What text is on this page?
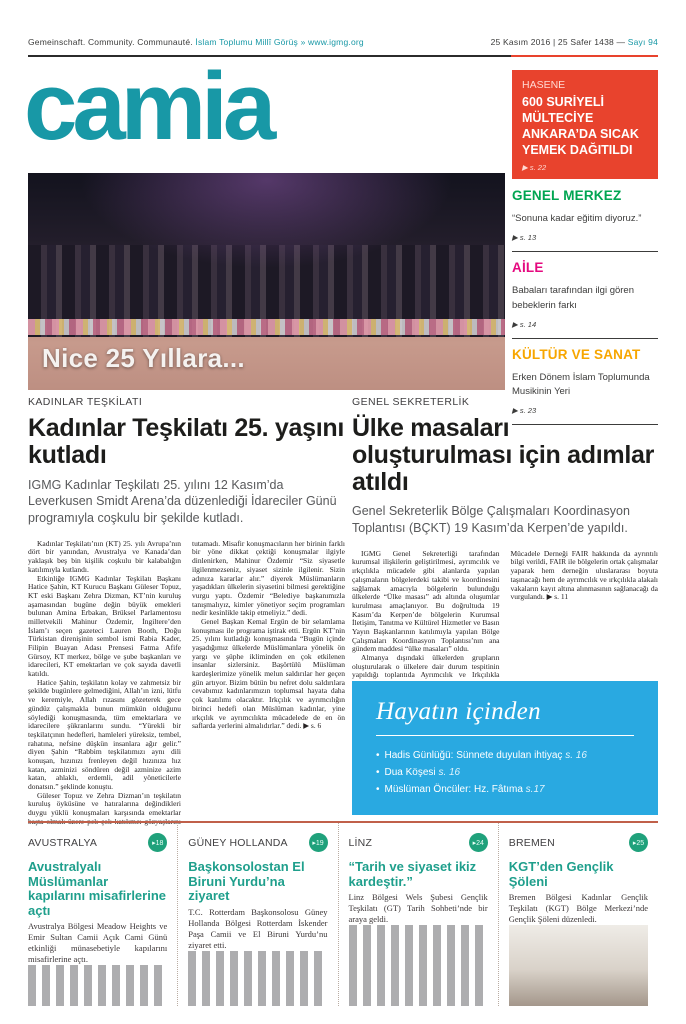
Gemeinschaft. Community. Communauté. İslam Toplumu Millî Görüş » www.igmg.org	25 Kasım 2016 | 25 Safer 1438 — Sayı 94
camia	HASENE
600 SURİYELİ MÜLTECİYE ANKARA’DA SICAK YEMEK DAĞITILDI
▶ s. 22
Nice 25 Yıllara...
GENEL MERKEZ
“Sonuna kadar eğitim diyoruz.”
▶ s. 13
AİLE
Babaları tarafından ilgi gören bebeklerin farkı
▶ s. 14
KÜLTÜR VE SANAT
Erken Dönem İslam Toplumunda Musikinin Yeri
▶ s. 23
KADINLAR TEŞKİLATI
Kadınlar Teşkilatı 25. yaşını kutladı
IGMG Kadınlar Teşkilatı 25. yılını 12 Kasım’da Leverkusen Smidt Arena’da düzenlediği İdareciler Günü programıyla coşkulu bir şekilde kutladı.

Kadınlar Teşkilatı’nın (KT) 25. yılı Avrupa’nın dört bir yanından, Avustralya ve Kanada’dan yaklaşık beş bin kişilik coşkulu bir kalabalığın katılımıyla kutlandı.

Etkinliğe IGMG Kadınlar Teşkilatı Başkanı Hatice Şahin, KT Kurucu Başkanı Güleser Topuz, KT eski Başkanı Zehra Dizman, KT’nin kuruluş aşamasından bugüne değin büyük emekleri bulunan Amina Erbakan, Brüksel Parlamentosu milletvekili Mahinur Özdemir, İngiltere’den İslam’ı seçen gazeteci Lauren Booth, Doğu Türkistan direnişinin sembol ismi Rabia Kader, Filipin Buayan Adası Prensesi Fatma Afife Gürsoy, KT merkez, bölge ve şube başkanları ve idarecileri, KT emektarları ve çok sayıda davetli katıldı.

Hatice Şahin, teşkilatın kolay ve zahmetsiz bir şekilde bugünlere gelmediğini, Allah’ın izni, lütfu ve keremiyle, Allah rızasını gözeterek gece gündüz çalışmakla bunun mümkün olduğunu söylediği konuşmasında, tüm emektarlara ve idarecilere şükranlarını sundu. “Yürekli bir teşkilatçının hedefleri, hamleleri yüreksiz, tembel, rahatına, nefsine düşkün insanlara ağır gelir.” diyen Şahin “Rabbim teşkilatımızı aynı dili konuşan, hızınızı frenleyen değil hızınıza hız katan, azminizi söndüren değil azminize azim katan, ahlaklı, erdemli, adil yöneticilerle donatsın.” şeklinde konuştu.

Güleser Topuz ve Zehra Dizman’ın teşkilatın kuruluş öyküsüne ve hatıralarına değindikleri duygu yüklü konuşmaları karşısında emektarlar başta olmak üzere pek çok katılımcı gözyaşlarını tutamadı. Misafir konuşmacıların her birinin farklı bir yöne dikkat çektiği konuşmalar ilgiyle dinlenirken, Mahinur Özdemir “Siz siyasetle ilgilenmezseniz, siyaset sizinle ilgilenir. Sizin adınıza kararlar alır.” diyerek Müslümanların yaşadıkları ülkelerin siyasetini bilmesi gerektiğine vurgu yaptı. Özdemir “Belediye başkanımızla tanışmalıyız, kimler yönetiyor seçim programları nedir kesinlikle takip etmeliyiz.” dedi.

Genel Başkan Kemal Ergün de bir selamlama konuşması ile programa iştirak etti. Ergün KT’nin 25. yılını kutladığı konuşmasında “Bugün içinde yaşadığımız ülkelerde Müslümanlara yönelik ön yargı ve şüphe ikliminden en çok etkilenen insanlar sizlersiniz. Başörtülü Müslüman kardeşlerimize yönelik melun saldırılar her geçen gün artıyor. Bizim bütün bu nefret dolu saldırılara cevabımız kadınlarımızın toplumsal hayata daha çok katılımı olacaktır. Irkçılık ve ayrımcılığın birinci hedefi olan Müslüman kadınlar, yine ırkçılık ve ayrımcılıkta mücadelede de en ön saflarda yerlerini almalıdırlar.” dedi. ▶ s. 6

GENEL SEKRETERLİK
Ülke masaları oluşturulması için adımlar atıldı
Genel Sekreterlik Bölge Çalışmaları Koordinasyon Toplantısı (BÇKT) 19 Kasım’da Kerpen’de yapıldı.

IGMG Genel Sekreterliği tarafından kurumsal ilişkilerin geliştirilmesi, ayrımcılık ve ırkçılıkla mücadele gibi alanlarda yapılan çalışmaların bölgelerdeki takibi ve koordinesini sağlamak amacıyla bölgelerin bulunduğu ülkelerde “Ülke masası” adı altında oluşumlar kurulması amaçlanıyor. Bu doğrultuda 19 Kasım’da Kerpen’de bölgelerin Kurumsal İletişim, Tanıtma ve Kültürel Hizmetler ve Basın Yayın Başkanlarının katılımıyla yapılan Bölge Çalışmaları Koordinasyon Toplantısı’nın ana gündem maddesi “ülke masaları” oldu.

Almanya dışındaki ülkelerden grupların oluşturularak o ülkelere dair durum tespitinin yapıldığı toplantıda Ayrımcılık ve Irkçılıkla Mücadele Derneği FAIR hakkında da ayrıntılı bilgi verildi, FAIR ile bölgelerin ortak çalışmalar yaparak hem derneğin uluslararası boyuta taşınacağı hem de ayrımcılık ve ırkçılıkla alakalı vakaların kayıt altına alınmasının sağlanacağı da vurgulandı. ▶ s. 11

Hayatın içinden
• Hadis Günlüğü: Sünnete duyulan ihtiyaç s. 16
• Dua Köşesi s. 16
• Müslüman Öncüler: Hz. Fâtıma s.17
AVUSTRALYA	▸18
Avustralyalı Müslümanlar kapılarını misafirlerine açtı
Avustralya Bölgesi Meadow Heights ve Emir Sultan Camii Açık Cami Günü etkinliği münasebetiyle kapılarını misafirlerine açtı.
GÜNEY HOLLANDA	▸19
Başkonsolostan El Biruni Yurdu’na ziyaret
T.C. Rotterdam Başkonsolosu Güney Hollanda Bölgesi Rotterdam İskender Paşa Camii ve El Biruni Yurdu’nu ziyaret etti.
LİNZ	▸24
“Tarih ve siyaset ikiz kardeştir.”
Linz Bölgesi Wels Şubesi Gençlik Teşkilatı (GT) Tarih Sohbeti’nde bir araya geldi.
BREMEN	▸25
KGT’den Gençlik Şöleni
Bremen Bölgesi Kadınlar Gençlik Teşkilatı (KGT) Bölge Merkezi’nde Gençlik Şöleni düzenledi.
